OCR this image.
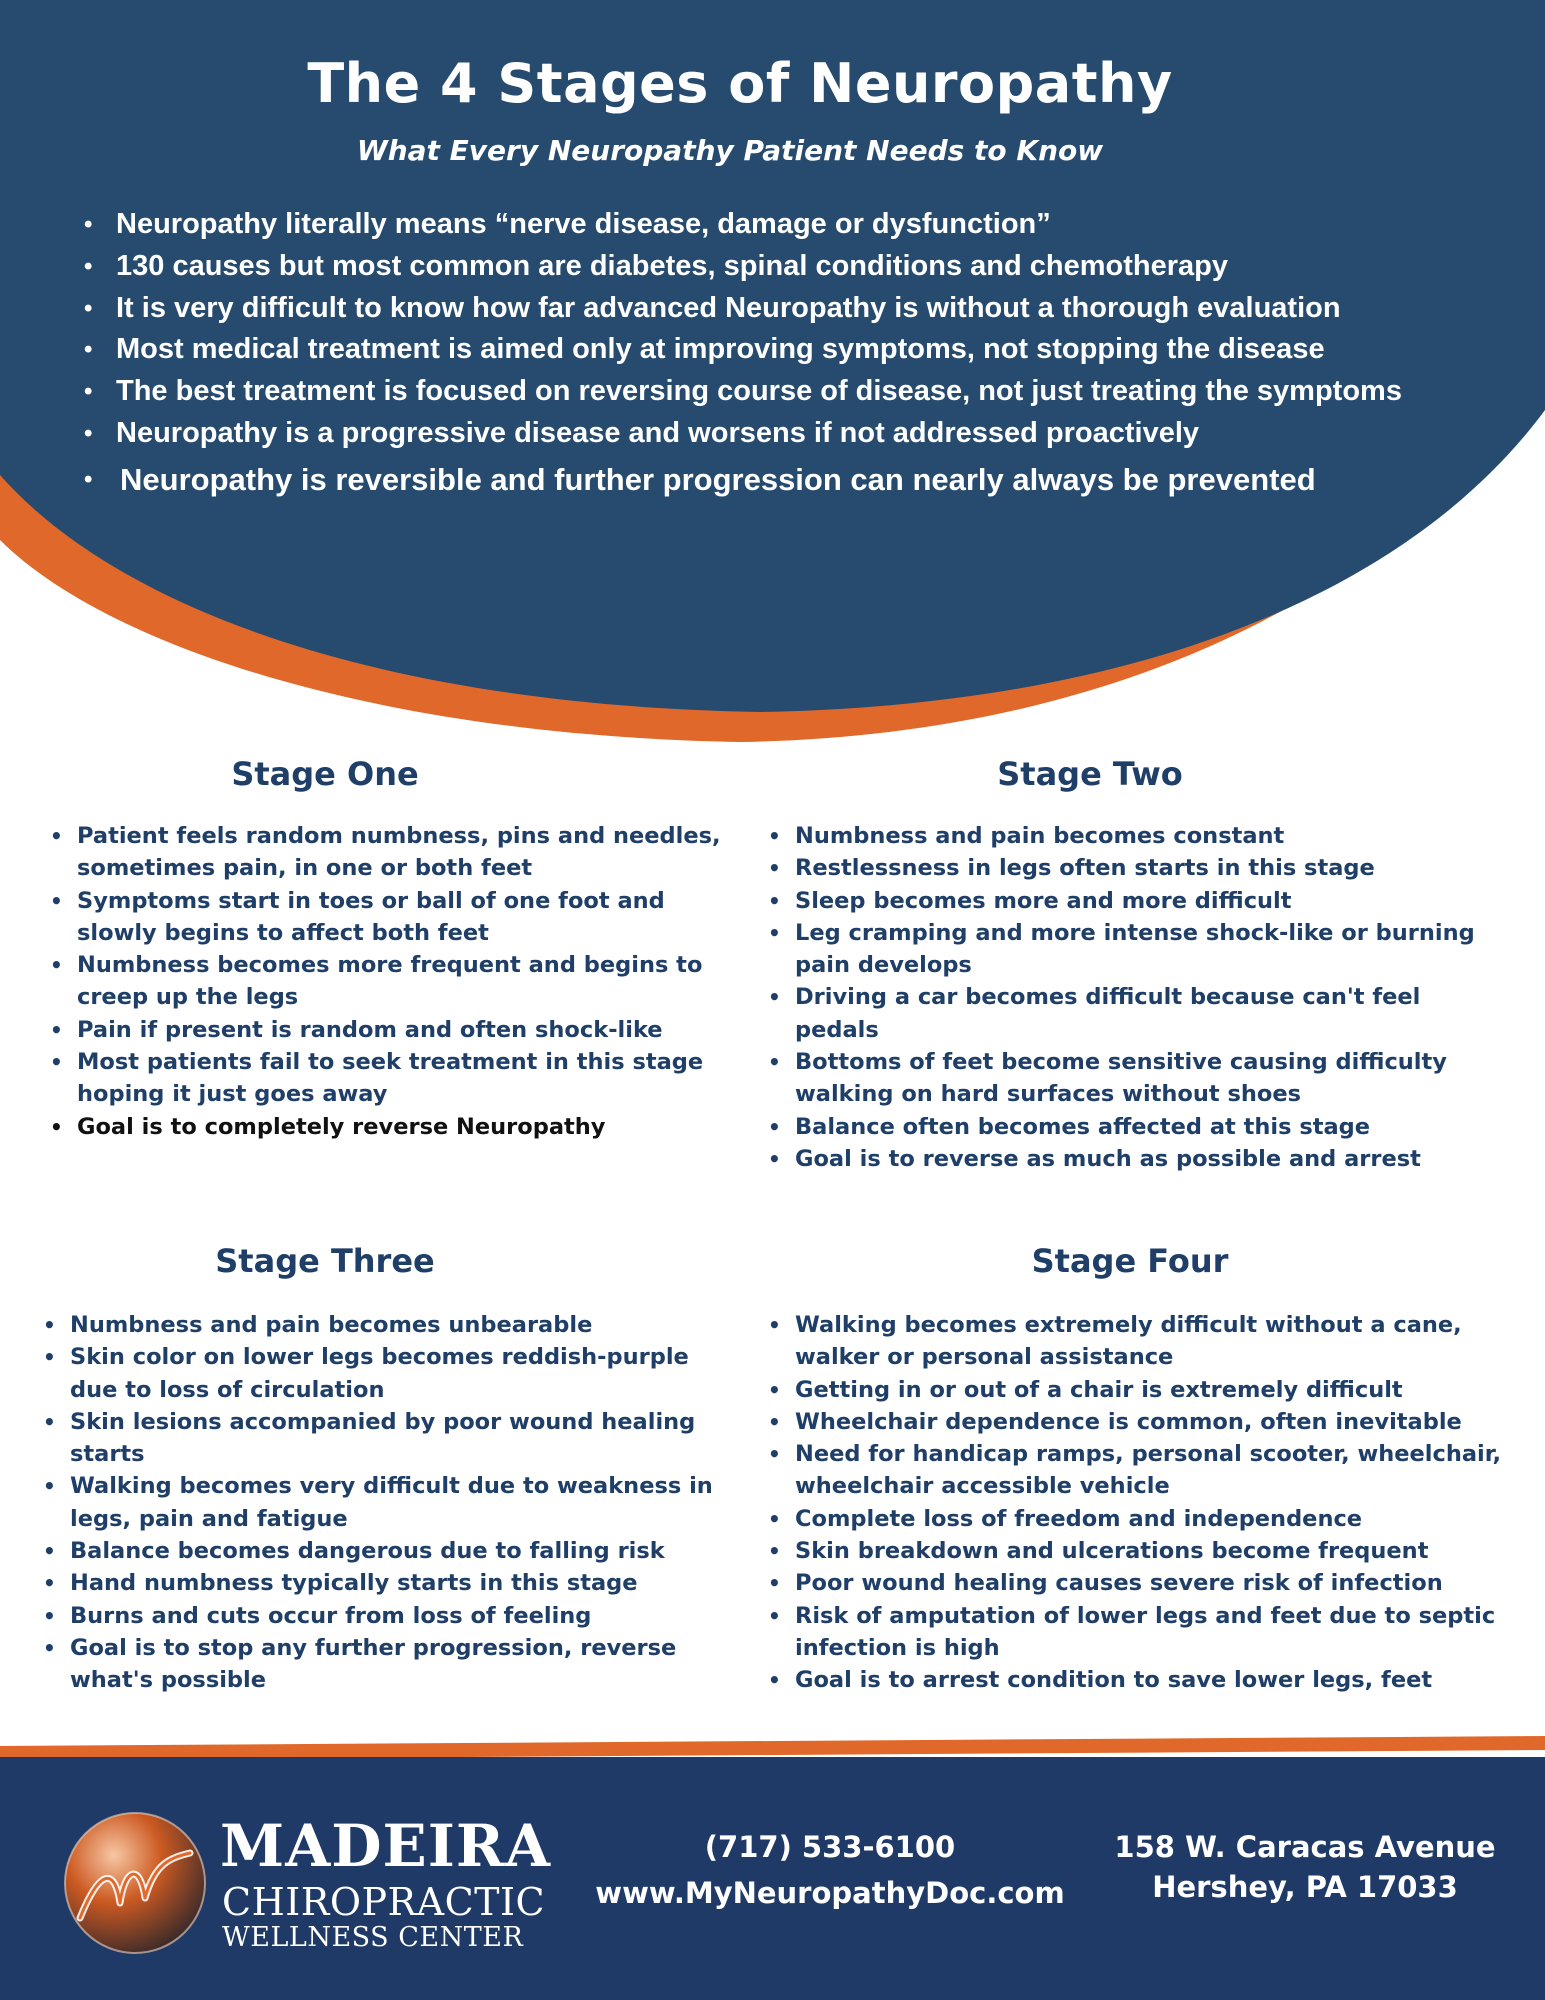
The 4 Stages of Neuropathy
What Every Neuropathy Patient Needs to Know
• Neuropathy literally means “nerve disease, damage or dysfunction”
• 130 causes but most common are diabetes, spinal conditions and chemotherapy
• It is very difficult to know how far advanced Neuropathy is without a thorough evaluation
• Most medical treatment is aimed only at improving symptoms, not stopping the disease
• The best treatment is focused on reversing course of disease, not just treating the symptoms
• Neuropathy is a progressive disease and worsens if not addressed proactively
• Neuropathy is reversible and further progression can nearly always be prevented
Stage One
• Patient feels random numbness, pins and needles, sometimes pain, in one or both feet
• Symptoms start in toes or ball of one foot and slowly begins to affect both feet
• Numbness becomes more frequent and begins to creep up the legs
• Pain if present is random and often shock-like
• Most patients fail to seek treatment in this stage hoping it just goes away
• Goal is to completely reverse Neuropathy
Stage Two
• Numbness and pain becomes constant
• Restlessness in legs often starts in this stage
• Sleep becomes more and more difficult
• Leg cramping and more intense shock-like or burning pain develops
• Driving a car becomes difficult because can't feel pedals
• Bottoms of feet become sensitive causing difficulty walking on hard surfaces without shoes
• Balance often becomes affected at this stage
• Goal is to reverse as much as possible and arrest
Stage Three
• Numbness and pain becomes unbearable
• Skin color on lower legs becomes reddish-purple due to loss of circulation
• Skin lesions accompanied by poor wound healing starts
• Walking becomes very difficult due to weakness in legs, pain and fatigue
• Balance becomes dangerous due to falling risk
• Hand numbness typically starts in this stage
• Burns and cuts occur from loss of feeling
• Goal is to stop any further progression, reverse what's possible
Stage Four
• Walking becomes extremely difficult without a cane, walker or personal assistance
• Getting in or out of a chair is extremely difficult
• Wheelchair dependence is common, often inevitable
• Need for handicap ramps, personal scooter, wheelchair, wheelchair accessible vehicle
• Complete loss of freedom and independence
• Skin breakdown and ulcerations become frequent
• Poor wound healing causes severe risk of infection
• Risk of amputation of lower legs and feet due to septic infection is high
• Goal is to arrest condition to save lower legs, feet
MADEIRA
CHIROPRACTIC
WELLNESS CENTER
(717) 533-6100
www.MyNeuropathyDoc.com
158 W. Caracas Avenue
Hershey, PA 17033
